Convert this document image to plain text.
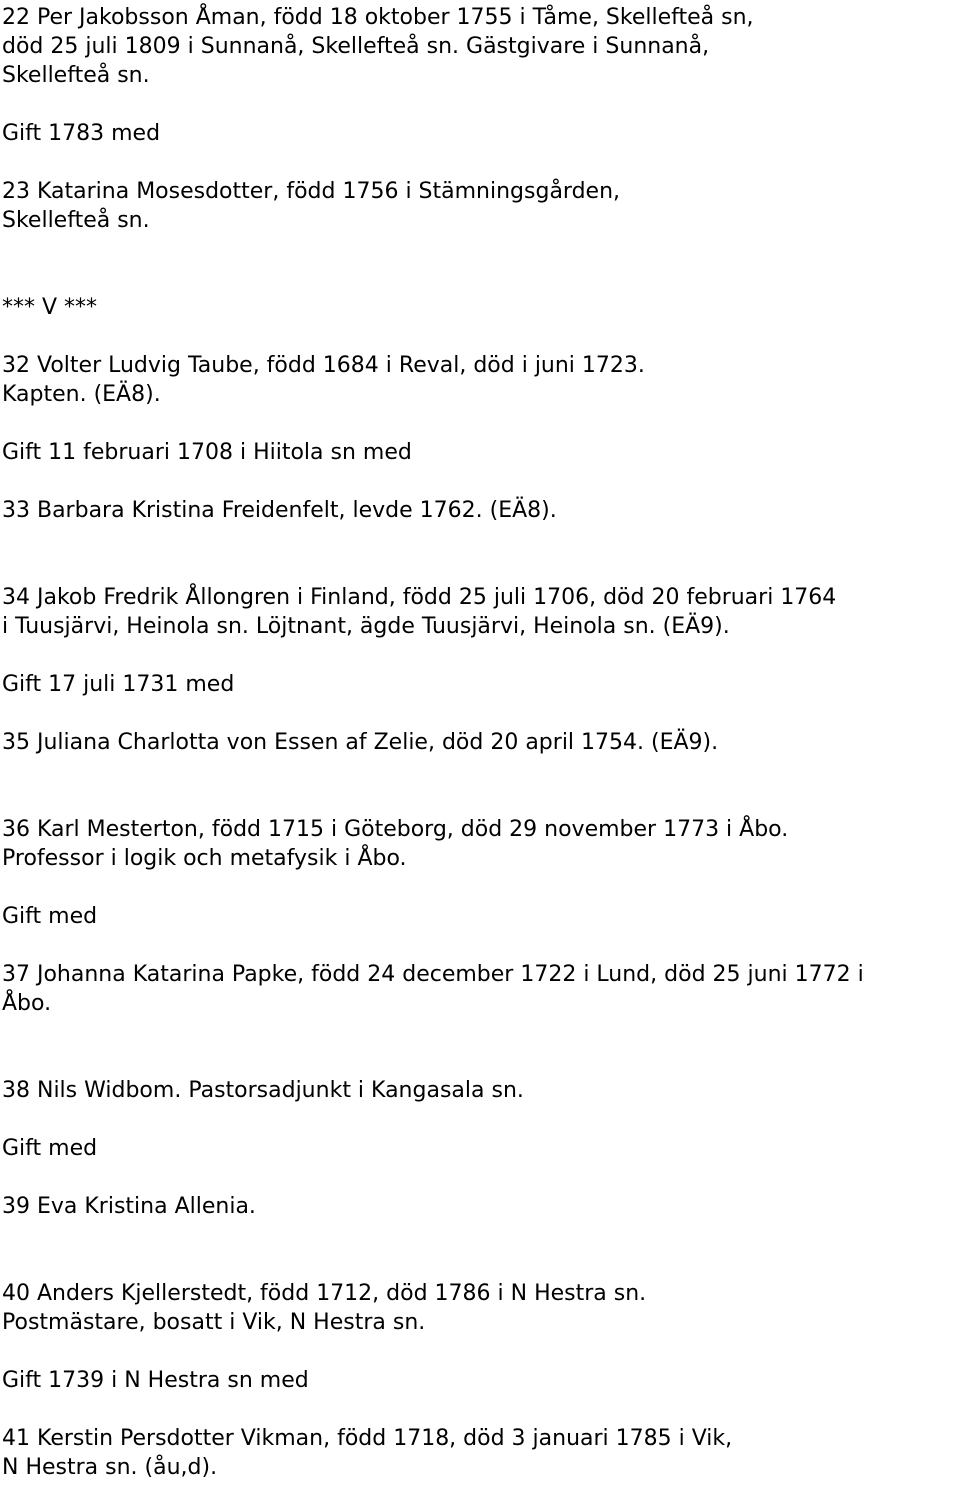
22 Per Jakobsson Åman, född 18 oktober 1755 i Tåme, Skellefteå sn,
död 25 juli 1809 i Sunnanå, Skellefteå sn. Gästgivare i Sunnanå,
Skellefteå sn.
Gift 1783 med
23 Katarina Mosesdotter, född 1756 i Stämningsgården,
Skellefteå sn.
*** V ***
32 Volter Ludvig Taube, född 1684 i Reval, död i juni 1723.
Kapten. (EÄ8).
Gift 11 februari 1708 i Hiitola sn med
33 Barbara Kristina Freidenfelt, levde 1762. (EÄ8).
34 Jakob Fredrik Ållongren i Finland, född 25 juli 1706, död 20 februari 1764
i Tuusjärvi, Heinola sn. Löjtnant, ägde Tuusjärvi, Heinola sn. (EÄ9).
Gift 17 juli 1731 med
35 Juliana Charlotta von Essen af Zelie, död 20 april 1754. (EÄ9).
36 Karl Mesterton, född 1715 i Göteborg, död 29 november 1773 i Åbo.
Professor i logik och metafysik i Åbo.
Gift med
37 Johanna Katarina Papke, född 24 december 1722 i Lund, död 25 juni 1772 i
Åbo.
38 Nils Widbom. Pastorsadjunkt i Kangasala sn.
Gift med
39 Eva Kristina Allenia.
40 Anders Kjellerstedt, född 1712, död 1786 i N Hestra sn.
Postmästare, bosatt i Vik, N Hestra sn.
Gift 1739 i N Hestra sn med
41 Kerstin Persdotter Vikman, född 1718, död 3 januari 1785 i Vik,
N Hestra sn. (åu,d).
